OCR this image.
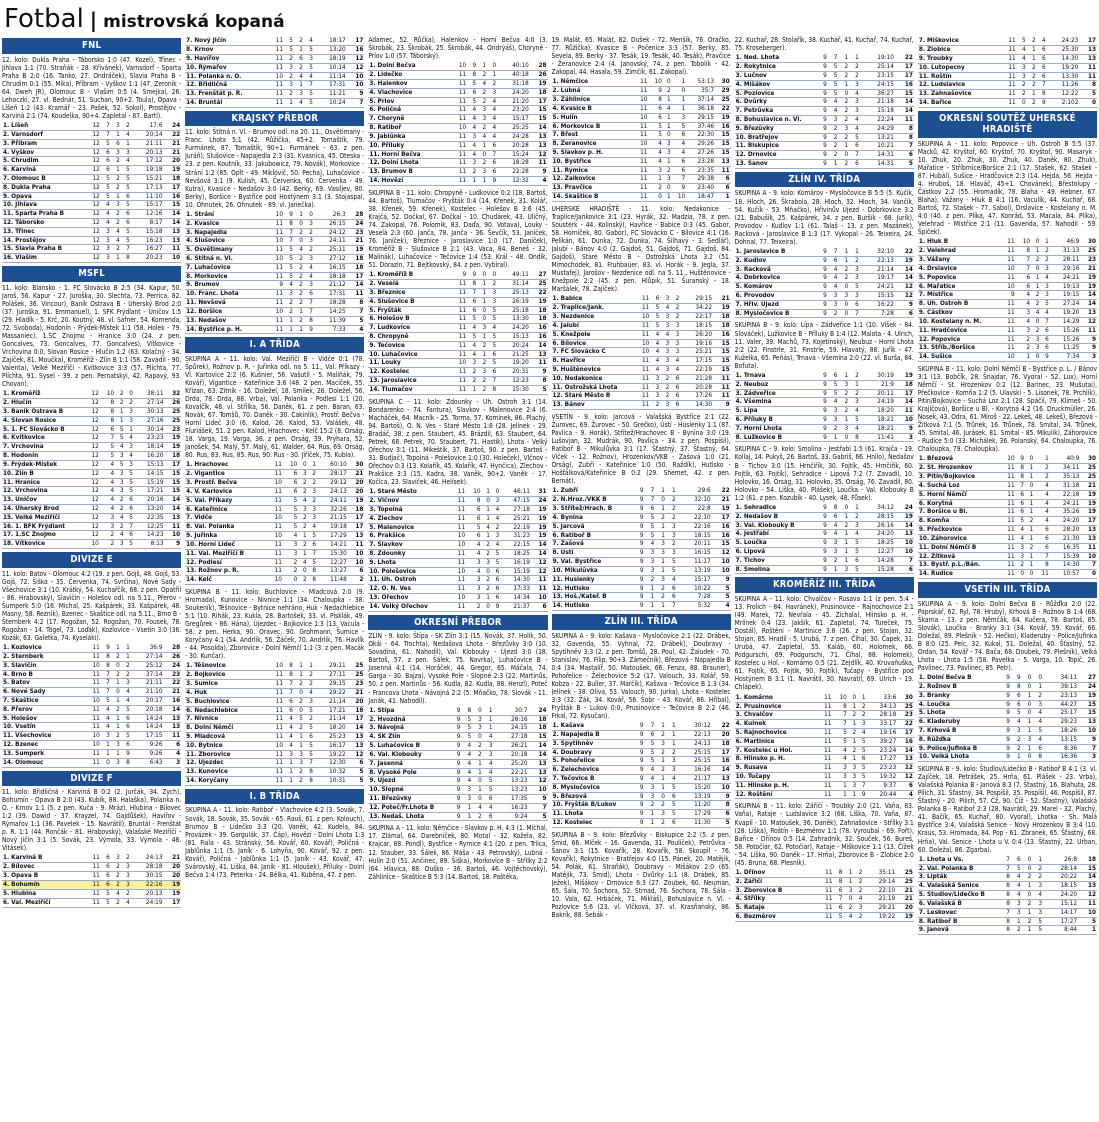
Fotbal | mistrovská kopaná
FNL
12. kolo: Dukla Praha - Táborsko 1:0 (47. Kozel), Třinec - Jihlava 1:1 (70. Straňák - 28. Křivánek), Varnsdorf - Sparta Praha B 2:0 (16. Tanko, 27. Ondráček), Slavia Praha B - Chrudim 0:1 (55. Mika), Příbram - Vyškov 1:1 (47. Zeronik - 64. Dweh JR), Olomouc B - Vlašim 0:5 (4. Smejkal, 26. Lehoczki, 27. vl. Bednár, 51. Suchan, 90+2. Toula), Opava - Líšeň 1:2 (43. Kramář - 23. Pašek, 52. Sokol), Prostějov - Karviná 2:1 (74. Koudelka, 90+4. Zapletal - 87. Bartl).
1. Líšeň	12	7	3	2	17:6	24
2. Varnsdorf	12	7	1	4	20:14	22
3. Příbram	12	5	6	1	21:11	21
4. Vyškov	12	6	3	3	20:13	21
5. Chrudim	12	6	2	4	17:12	20
6. Karviná	12	6	1	5	19:18	19
7. Olomouc B	12	5	2	5	15:21	18
8. Dukla Praha	12	5	2	5	17:13	17
9. Opava	12	5	1	6	11:10	16
10. Jihlava	12	4	3	5	15:17	15
11. Sparta Praha B	12	4	2	6	12:16	14
12. Táborsko	12	4	2	6	8:17	14
13. Třinec	12	3	4	5	15:18	13
14. Prostějov	12	3	4	5	16:23	13
15. Slavia Praha B	12	3	2	7	16:27	11
16. Vlašim	12	3	1	8	20:23	10
MSFL
11. kolo: Blansko - 1. FC Slovácko B 2:5 (34. Kapur, 50. Jaroš, 56. Kapur - 27. Juroška, 30. Slechta, 73. Perrica, 82. Polášek, 36. Vincour), Baník Ostrava B - Uherský Brod 2:0 (37. Juroška, 91. Emmanuel), 1. SFK Frýdlant - Uničov 1:5 (29. Hladík - 5. Krč, 20. Koutný, 48. vl. Safner, 54. Komenda, 72. Svoboda), Hodonín - Frýdek-Místek 1:1 (58. Holek - 79. Massaniec), 1.SC Znojmo - Hranice 3:0 (24. z pen. Goncalves, 73. Goncalves, 77. Goncalves), Vítkovice - Vrchovina 0:0, Slovan Rosice - Hlučín 1:2 (63. Kolačný - 34. Zajíček, 81. Moučka), Kroměříž - Zlín B 1:1 (58. Zavadil - 90. Valenta), Velké Meziříčí - Kvítkovice 3:3 (57. Plíchta, 77. Plíchta, 91. Sysel - 39. z pen. Pernatskyi, 42. Rapavý, 93. Chovan).
1. Kroměříž	12	10	2	0	38:11	32
2. Hlučín	12	8	2	2	27:14	26
3. Baník Ostrava B	12	8	1	3	30:13	25
4. Slovan Rosice	12	8	1	3	27:16	25
5. 1. FC Slovácko B	12	6	5	1	30:14	23
6. Kvítkovice	12	7	5	4	23:23	19
7. Vrchovina	12	5	4	3	18:14	19
8. Hodonín	12	5	3	4	16:20	18
9. Frýdek-Místek	12	4	5	3	15:13	17
10. Zlín B	12	4	3	5	14:15	15
11. Hranice	12	4	3	5	15:19	15
12. Vrchovina	12	4	3	5	17:21	15
13. Uničov	12	4	2	6	20:16	14
14. Uherský Brod	12	4	2	6	13:20	14
15. Velké Meziříčí	12	3	4	5	22:35	13
16. 1. BFK Frýdlant	12	3	2	7	12:25	11
17. 1.SC Znojmo	12	2	4	6	14:23	10
18. Vítkovice	10	2	3	5	8:13	9
DIVIZE E
11. kolo: Batov - Olomouc 4:2 (19. z pen. Gojš, 48. Gojš, 53. Gojš, 72. Šiška - 35. Červenka, 74. Svrčina), Nové Sady - Všechovice 3:1 (10. Krátký, 54. Kuchařčík, 68. z pen. Opatřil - 86. Hrabovský), Slavičín - Holešov odl. na 5.11., Přerov - Šumperk 5:0 (16. Michal, 25. Kašpárek, 33. Kašpárek, 48. Masny, 58. Rezník), Bzenec - Skaštice odl. na 5.11., Brno B - Šternberk 4:2 (17. Rogožan, 52. Rogožan, 70. Fousek, 78. Rogožan - 14. Tögel, 73. Loďák), Kozlovice - Vsetín 3:0 (36. Kozák, 63. Galetka, 74. Kyseláki).
1. Kozlovice	11	9	1	1	36:9	28
2. Šternberk	11	8	2	1	27:14	26
3. Slavičín	10	8	0	2	25:12	24
4. Brno B	11	7	2	2	37:14	23
5. Batov	11	7	1	3	21:11	22
6. Nové Sady	11	7	0	4	21:10	21
7. Skaštice	10	5	1	4	20:17	16
8. Přerov	11	4	2	5	20:18	14
9. Holešov	11	4	1	6	14:24	13
10. Vsetín	11	4	1	6	14:24	13
11. Všechovice	10	3	2	5	17:15	11
12. Bzenec	10	1	3	6	9:26	6
13. Šumperk	11	1	1	9	9:26	4
14. Olomouc	11	0	3	8	6:43	3
DIVIZE F
11. kolo: Břidličná - Karviná B 0:2 (2. Jurčák, 34. Zych), Bohumín - Opava B 2:0 (43. Kubík, 88. Halaška), Polanka n. O. - Krnov 1:1 (5. z pen. Kuča - 9. Mráz), Hlubina - Bílovec 1:2 (39. Dawid - 37. Krayzel, 74. Gajdůšek), Havířov - Rýmařov 1:1 (36. Pavelek - 15. Navrátil), Bruntál - Frenštát p. R. 1:1 (44. Rončák - 81. Hrabovský), Valašské Meziříčí - Nový Jičín 3:1 (5. Sovák, 23. Výmola, 33. Výmola - 48. Vitásek).
1. Karviná B	11	6	3	2	24:13	21
2. Bílovec	11	6	2	3	28:18	20
3. Opava B	11	6	2	3	30:15	20
4. Bohumín	11	6	2	3	22:16	19
5. Hlubina	11	5	4	2	20:13	19
6. Val. Meziříčí	11	5	2	4	24:19	17
7. Nový Jičín	11	5	2	4	18:17	17
8. Krnov	11	5	1	5	13:20	16
9. Havířov	11	2	6	3	18:19	12
10. Rýmařov	11	3	2	5	10:14	12
11. Polanka n. O.	10	2	4	4	11:14	10
12. Břidličná	11	3	1	7	17:31	10
13. Frenštát p. R.	11	2	3	5	11:21	9
14. Bruntál	11	1	4	5	10:24	7
KRAJSKÝ PŘEBOR
11. kolo: Štítná n. Vl. - Brumov odl. na 20. 11., Osvětimany - Franc. Lhota 5:1 (42. Růžička, 45+2. Tomaštík, 79. Furmánek, 87. Tomaštík, 90+1. Furmánek - 63. z pen. Juráň), Slušovice - Napajedla 2:3 (31. Kvasnica, 45. Oteska - 23. z pen. Koutník, 33. Jakubowicz, 79. Novák), Morkovice - Strání 1:2 (85. Oplt - 49. Miklovič, 50. Pecha), Luhačovice - Nevšová 3:1 (9. Kulish, 45. Červenka, 60. Červenka - 49. Kutra), Kvasice - Nedašov 3:0 (42. Berky, 69. Vasiljev, 80. Berky), Boršice - Bystřice pod Hostýnem 3:1 (3. Stojaspal, 10. Ohnutek, 26. Ohnutek - 89. vl. Janečka).
1. Strání	10	9	1	0	26:3	28
2. Kvasice	11	8	0	3	26:15	24
3. Napajedla	11	7	2	2	24:12	23
4. Slušovice	10	7	0	3	24:11	21
5. Osvětimany	11	5	4	2	25:11	19
6. Štítná n. Vl.	10	5	2	3	27:12	18
7. Luhačovice	11	5	2	4	16:15	18
8. Morkovice	11	5	2	4	18:18	17
9. Brumov	9	4	2	3	21:12	14
10. Franc. Lhota	11	3	2	6	17:31	11
11. Nevšová	11	2	2	7	18:28	8
12. Boršice	10	2	1	7	14:25	7
13. Nedašov	11	1	2	8	11:39	5
14. Bystřice p. H.	11	1	1	9	7:33	4
I. A TŘÍDA
SKUPINA A - 11. kolo: Val. Meziříčí B - Vidče 0:1 (78. Špůrek), Rožnov p. R. - Juřinka odl. na 5. 11., Val. Příkazy - Vl. Kartovice 2:2 (6. Kušnier, 56. Vašutil - 5. Maliňák, 79. Kovář), Vigantice - Kateřinice 3:6 (48. 2 pen. Macíček, 55. Křizan, 63. Zitník - 16. Doležel, 18. Smilek, 26. Doležel, 56. Drda, 78. Drda, 88. Vrba), Val. Polanka - Podlesí 1:1 (20. Kovalčík, 48. vl. Střílka, 56. Daněk, 61. z pen. Baran, 63. Novák, 67. Tomšů, 70. Daněk - 30. Cakinlik), Prostř. Bečva - Horní Lideč 3:0 (6. Kalod, 26. Kalod, 53. Valášek, 48. Fluriášek, 51. 2 pen. Kalod, Hrachovec - Kelč 15:2 (8. Orság, 18. Varga, 19. Varga, 36. z pen. Orság, 39. Pryhara, 52. Janošek, 54. Malý, 57. Malý, 61. Walder, 64. Rus, 69. Orság, 80. Rus, 83. Rus, 85. Rus, 90. Rus - 30. Jiříček, 75. Kubla).
1. Hrachovec	11	10	0	1	60:10	30
2. Vigantice	11	6	3	2	28:17	21
3. Prostř. Bečva	10	6	2	2	29:12	20
4. V. Karlovice	11	6	2	3	24:13	20
5. Val. Příkazy	11	5	4	2	24:11	19
6. Kateřinice	11	5	3	3	32:26	18
7. Vidče	10	5	2	3	21:15	17
8. Val. Polanka	11	5	2	4	19:18	17
9. Juřinka	10	4	1	5	17:29	13
10. Horní Lideč	11	3	2	6	14:21	11
11. Val. Meziříčí B	11	3	1	7	15:30	10
12. Podlesí	11	2	4	5	12:27	10
13. Rožnov p. R.	11	2	0	8	13:27	6
14. Kelč	10	0	2	8	11:48	2
SKUPINA B - 11. kolo: Buchlovice - Mladcová 2:0 (9. Hromada), Kunovice - Nivnice 1:1 (34. Chaloupka - 38. Soukeník), Těšnovice - Bytnice nehráno, Huk - Nedachlebice 5:1 (10. Rihák, 23. Kukla, 28. Bartošek, 33. vl. Pisklák, 49. Gregůrek - 86. Hána), Újezdec - Bojkovice 1:3 (13. Vacula - 58. z pen. Herka, 90. Oravec, 90. Grohmann, Šumice - Koryčany 4:1 (54. Andrlík, 56. Žáček, 70. Andrlík, 76. Havlík - 44. Posolda), Zborovice - Dolní Němčí 1:1 (3. z pen. Macák - 30. Kunčar).
1. Těšnovice	10	8	1	1	29:11	25
2. Bojkovice	11	8	1	2	27:11	25
3. Šumice	11	7	2	2	29:15	23
4. Huk	11	7	0	4	29:22	21
5. Buchlovice	11	6	2	3	21:14	20
6. Nedachlebice	11	6	0	5	17:21	18
7. Nivnice	11	4	5	2	21:14	17
8. Dolní Němčí	11	4	2	5	18:20	14
9. Mladcová	11	4	1	6	25:23	13
10. Bytnice	10	4	1	5	16:17	13
11. Zborovice	11	3	3	5	19:22	12
12. Újezdec	11	1	3	7	12:30	6
13. Kunovice	11	1	2	8	10:32	5
14. Koryčany	11	1	2	8	10:31	5
I. B TŘÍDA
SKUPINA A - 11. kolo: Ratiboř - Vlachovice 4:2 (3. Sovák, 7. Sovák, 18. Sovák, 35. Sovák - 65. Rauš, 61. z pen. Kolouch), Brumov B - Lidečko 3:3 (20. Vaněk, 42. Kudela, 84. Provázek - 39. Gargulák, 37. Čáp), Hovězí - Dolní Lhota 1:3 (81. Fiala - 43. Stránský, 56. Kovář, 60. Kovář), Poličná - Jablůnka 1:1 (5. Janík - 6. Lohyňa, 90. Kovář, 92. z pen. Kovář), Poličná - Jablůnka 1:1 (5. Janík - 43. Kovář, 47. Svárovský, 41. Liška, 84. Janík - 81. Hloušek), Příluky - Dolní Bečva 1:4 (73. Peterka - 24. Bělka, 41. Kuběna, 47. z pen.
Adamec, 52. Růčka), Halenkov - Horní Bečva 4:0 (3. Škrobák, 23. Škrobák, 25. Škrobák, 44. Ondrýáš), Choryně - Prlov 1:0 (57. Táborský).
1. Dolní Bečva	10	9	1	0	40:10	28
2. Lidečko	11	8	2	1	40:18	26
3. Halenkov	11	5	4	2	31:18	19
4. Vlachovice	11	6	2	3	24:20	18
5. Prlov	11	5	2	4	21:20	17
6. Poličná	11	4	3	4	23:20	15
7. Choryně	11	4	3	4	15:17	15
8. Ratiboř	10	4	2	4	25:25	14
9. Jablůnka	11	3	4	4	24:28	13
10. Příluky	11	4	1	6	20:28	13
11. Horní Bečva	11	4	0	7	15:24	12
12. Dolní Lhota	11	3	2	6	18:28	11
13. Brumov B	11	2	3	6	22:28	9
14. Hovězí	11	1	1	9	12:32	4
SKUPINA B - 11. kolo: Chropyně - Ludkovice 0:2 (18. Bartoš, 44. Bartoš), Tlumačov - Fryšták 0:4 (14. Křenek, 31. Kolář, 38. Křenek, 59. Křenek), Kostelec - Holešov B 3:6 (45. Krajča, 52. Dočkal, 67. Dočkal - 10. Chudárek, 43. Uličný, 74. Zakopal, 76. Polomík, 83. Daďa, 90. Votava), Louky - Veselá 2:3 (60. Janča, 78. Janča - 36. Ševčík, 53. Janíček, 76. Janíček), Březnice - Jaroslavice 1:0 (17. Daníček), Kroměříž B - Slušovice B 2:1 (43. Vaca, 84. Beneš - 32. Malinák), Luhačovice - Tečovice 1:4 (53. Král - 48. Ondík, 51. Dorazin, 71. Bejtkovský, 84. z pen. Vybíral).
1. Kroměříž B	9	9	0	0	49:11	27
2. Veselá	11	8	1	2	31:14	25
3. Březnice	11	7	1	3	25:13	22
4. Slušovice B	11	6	1	3	26:19	19
5. Fryšták	11	6	0	5	25:18	18
6. Holešov B	11	5	0	5	13:30	18
7. Ludkovice	11	4	3	4	24:20	16
8. Chropyně	11	5	1	5	15:13	16
9. Tečovice	11	4	2	5	20:24	14
10. Luhačovice	11	4	1	6	21:25	13
11. Louky	10	3	2	5	19:20	11
12. Kostelec	11	2	3	6	20:31	9
13. Jaroslavice	11	2	2	7	12:23	8
14. Tlumačov	11	1	2	8	15:30	5
SKUPINA C - 11. kolo: Zdounky - Uh. Ostroh 3:1 (14. Bondarenko - 74. Fantura), Slavkov - Malenovice 2:4 (6. Macháček, 64. Macník - 25. Torma, 57. Komínek, 86. Plachý, 94. Bartoš), O. N. Ves - Staré Město 1:8 (28. Jelínek - 29. Bradáč, 38. z pen. Staubert, 45. Brázdil, 63. Staubert, 64. Petrek, 68. Petrek, 70. Staubert, 71. Hastík), Lhota - Velký Ořechov 3:1 (11. Mikeštík, 37. Bartoš, 90. z pen. Bartoš - 31. Budjač), Topolná - Polešovice 1:0 (30. Holeček), Vlčnov - Ořechov 0:3 (13. Kolařík, 45. Kolařík, 47. Hynčica), Zlechov - Prakšice 3:3 (15. Kadra, 38. Vaněk, 90+2. Vaněk - 17. Kočica, 23. Slavíček, 46. Helísek).
1. Staré Město	11	10	1	0	46:11	31
2. Vlčnov	11	8	0	3	47:15	24
3. Topolná	11	6	1	4	27:18	19
4. Zlechov	11	6	1	4	25:21	19
5. Malenovice	11	5	4	2	22:19	19
6. Prakšice	10	6	1	3	31:23	19
7. Slavkov	10	4	2	4	22:15	14
8. Zdounky	11	4	2	5	18:25	14
9. Lhota	11	3	3	5	16:19	12
10. Polešovice	10	4	0	6	15:19	12
11. Uh. Ostroh	11	3	2	6	14:30	11
12. O. N. Ves	11	3	2	6	17:33	11
13. Ořechov	10	3	1	6	14:34	10
14. Velký Ořechov	11	2	0	9	21:37	6
OKRESNÍ PŘEBOR
ZLÍN - 9. kolo: Štípa - SK Zlín 3:1 (15. Novák, 37. Holík, 50. Okál - 64. Trochta), Nedašova Lhota - Březůvky 3:0 (10. Sovadina, 61. Nahodil), Val. Klobouky - Újezd 3:0 (18. Bartoš, 57. z pen. Šálek, 75. Navrka), Luhačovice B - Jasenná 4:1 (14. Horáček, 44. Gregor, 65. Máčala, 74. Garga - 30. Bajza), Vysoké Pole - Slopné 2:3 (22. Martinůs, 50. z pen. Martinůs - 56. Kudla, 82. Kudla, 88. Henzl), Poteč - Francova Lhota - Návojná 2:2 (5. Mňačko, 78. Slovák - 11. Janák, 41. Nahodil).
1. Štípa	9	8	0	1	30:7	24
2. Hvozdná	9	5	3	1	28:16	18
3. Návojná	9	5	3	1	24:15	18
4. SK Zlín	9	5	0	4	27:18	15
5. Luhačovice B	9	4	2	3	26:21	14
6. Val. Klobouky	9	4	2	3	20:18	14
7. Jasenná	9	4	1	4	25:20	13
8. Vysoké Pole	9	4	1	4	22:21	13
9. Újezd	9	4	0	5	13:23	12
10. Slopné	9	3	1	5	13:23	10
11. Březůvky	9	3	0	6	17:35	9
12. Poteč/Fr.Lhota B	9	1	4	4	16:23	7
13. Nedaš. Lhota	9	1	2	6	9:24	5
SKUPINA A - 11. kolo: Němčice - Slavkov p. H. 4:3 (1. Michal, 17. Zlámal, 64. Darebníček, 80. Motal - 32. Kožela, 82. Krajcar, 88. Pondl), Bystřice - Rymice 4:1 (20. z pen. Trlica, 12. Stauber, 33. Šálek, 86. Máša - 43. Petrovský), Lubná - Hulín 2:0 (51. Ančinec, 89. Šiška), Morkovice B - Střílky 2:2 (64. Hlavica, 88. Ouško - 36. Bartoš, 46. Vojtěchovský), Záhlinice - Skaštice B 5:3 (14. Bartoš, 18. Paštéka,
19. Malát, 65. Malát, 82. Dušek - 72. Menšík, 76. Oračko, 77. Růžička), Kvasice B - Počenice 3:3 (57. Berky, 85. Ševela, 89. Berky - 37. Tesák, 19. Tesák, 40. Tesák), Pravčice - Žeranovice 2:4 (4. Janovský, 74. z pen. Tobolík - 42. Zakopal, 44. Hasala, 59. Zimčík, 61. Zakopal).
1. Němčice	11	10	0	1	53:13	30
2. Lubná	11	9	2	0	35:7	29
3. Záhlinice	10	8	1	1	37:14	25
4. Kvasice B	11	6	4	1	36:18	22
5. Hulín	10	6	1	3	29:15	19
6. Morkovice B	11	5	1	5	37:46	16
7. Břest	11	5	0	6	22:30	15
8. Žeranovice	10	4	3	4	29:26	15
9. Slavkov p. H.	11	4	3	4	27:26	15
10. Bystřice	11	4	1	6	23:28	13
11. Rymice	11	3	2	6	23:35	11
12. Žalkovice	11	1	3	7	29:38	6
13. Pravčice	11	2	0	9	23:40	6
14. Skaštice B	11	0	1	10	18:47	1
UHERSKÉ HRADIŠTĚ - 11. kolo: Nedakonice - Traplice/Jankovice 3:1 (23. Hyrák, 32. Madzia, 78. z pen. Sousterk - 44. Kolinský), Havřice - Babice 0:3 (45. Gabor, 58. Horníček, 80. Gabor), FC Slovácko C - Bílovice 4:1 (16. Pelikán, 61. Dunka, 72. Dunka, 74. Šilhavý - 3. Sedlář), Jalubí - Bánov 4:0 (2. Gajdoš, 51. Gajdoš, 71. Gajdoš, 84. Gajdoš), Staré Město B - Ostrožská Lhota 3:2 (51. Mimochodek, 81. Fruhbauer, 83. vl. Horák - 9. Jegla, 37. Mustafej), Jarošov - Nezdenice odl. na 5. 11., Huštěnovice - Knežpole 2:2 (45. z pen. Hlůpik, 51. Šuranský - 18. Maršálek, 78. Zajíček).
1. Babice	11	6	3	2	29:15	21
2. Traplice/Jank.	11	5	4	2	34:22	19
3. Nezdenice	10	5	3	2	22:17	18
4. Jalubí	11	5	3	3	18:15	18
5. Knežpole	11	4	4	3	26:20	16
6. Bílovice	10	4	3	3	19:16	15
7. FC Slovácko C	10	4	3	3	25:21	15
8. Havřice	11	4	3	4	17:15	15
9. Huštěnovice	11	4	3	4	22:19	15
10. Nedakonice	11	3	2	6	21:28	11
11. Ostrožská Lhota	11	3	2	6	20:28	11
12. Staré Město B	11	3	2	6	17:26	11
13. Bánov	11	2	3	6	14:30	9
VSETÍN - 9. kolo: Jarcová - Valašská Bystřice 2:1 (22. Žurovec, 69. Žurovec - 50. Grečko), Ústí - Huslenky 1:1 (87. Pavlica - 9. Horák), Střítež/Hrachovec B - Bynina 3:0 (19. Lušovjan, 32. Mudrák, 90. Pavlica - 34. z pen. Pospíšil), Ratiboř B - Mikulůvka 3:1 (17. Šťastný, 37. Šťastný, 64. Vlček - 12. Rožnov), Hrozenkov/VKB - Zašová 1:0 (21. Orság), Zubří - Kateřinice 1:0 (50. Raždík), Hutisko - Hošťálková/Kateřinice B 0:2 (29. Shemet, 42. z pen. Bernát).
1. Zubří	9	7	1	1	29:6	22
2. N.Hroz./VKK B	9	7	0	2	32:10	21
3. Střítež/Hrach. B	9	6	1	2	22:8	19
4. Bynina	9	5	2	2	22:10	17
5. Jarcová	9	5	1	3	22:16	16
6. Ratiboř B	9	5	1	3	18:15	16
7. Zašová	9	4	3	2	20:11	15
8. Ústí	9	3	3	3	16:15	12
9. Val. Bystřice	9	3	1	5	11:17	10
10. Mikulůvka	9	3	1	5	13:19	10
11. Huslenky	9	2	3	4	15:17	9
12. Hutisko	9	1	2	6	10:22	5
13. Hoš./Kateř. B	9	1	2	6	7:28	5
14. Hutisko	9	1	1	7	5:32	4
ZLÍN III. TŘÍDA
SKUPINA A - 9. kolo: Kašava - Mysločovice 2:1 (22. Drábek, 32. Gavenda, 55. Vyhnal, 72. Drábek), Doubravy - Spytihněv 3:3 (2. z pen. Tomšů, 28. Poul, 42. Žaludek - 70. Stanislav, 76. Filip, 90+3. Zámečník), Březová - Napajedla B 0:4 (34. Mastalíř, 50. Matoušek, 66. Fenza, 88. Brauner), Pohořelice - Želechovice 5:2 (17. Valouch, 33. Kolář, 59. Kobza - 22. Buller, 37. Marčík), Kašava - Tečovice B 1:3 (34. Jelínek - 38. Oliva, 53. Valouch, 90. Jurka), Lhota - Kostelec 3:3 (32. Žák, 34. Kovář, 56. Šobr - 43. Kovář, 86. Hříbal), Fryšták B - Lukov 0:0, Prusinovice - Tečovice B 2:2 (46. Frkal, 72. Kysučan).
1. Kašava	9	7	1	1	30:12	22
2. Napajedla B	9	6	2	1	22:13	20
3. Spytihněv	9	5	3	1	24:13	18
4. Doubravy	9	5	2	2	25:15	17
5. Pohořelice	9	5	1	3	25:15	16
6. Želechovice	9	4	2	3	16:16	14
7. Tečovice B	9	4	1	4	21:17	13
8. Mysločovice	9	3	1	5	15:20	10
9. Březová	9	3	0	6	13:19	9
10. Fryšták B/Lukov	9	2	2	5	11:20	8
11. Lhota	9	1	3	5	17:29	6
12. Kostelec	9	1	2	6	11:30	5
SKUPINA B - 9. kolo: Březůvky - Biskupice 2:2 (5. z pen. Šmid, 66. Mlček - 16. Gavenda, 31. Poulíček), Petrůvka - Šanov 3:1 (15. Kovařík, 28. Kovařík, 58. Skoupil - 76. Kovařík), Rokytnice - Bratřejov 4:0 (15. Pánek, 20. Matějík, 54. Polák, 61. Straňák), Doubravy - Mišákov 2:0 (65. Matějík, 73. Šmid), Lhota - Dvůrky 1:1 (8. Drábek, 85. Ježek), Mišákov - Drnovice 6:3 (27. Zoubek, 60. Neuman, 65. Šála, 70. Šochora, 52. Strnad, 76. Šochora, 78. Šála - 10. Vala, 62. Hrbáček, 71. Mikláš), Bohuslavice n. Vl. - Pozlovice 5:6 (23. vl. Vlčková, 37. vl. Krasňanský, 86. Bakrík, 88. Šebák -
22. Kuchař, 28. Štolařík, 38. Kuchař, 41. Kuchař, 74. Kuchař, 75. Kroseberger).
1. Ned. Lhota	9	7	1	1	19:10	22
2. Rokytnice	9	5	2	2	25:14	17
3. Lučnov	9	5	2	2	23:15	17
4. Mišákov	9	5	1	3	24:15	16
5. Pozlovice	9	5	0	4	36:27	15
6. Dvůrky	9	4	2	3	21:18	14
7. Petrůvka	9	4	2	3	15:18	14
8. Bohuslavice n. Vl.	9	3	2	4	22:24	11
9. Březůvky	9	2	3	4	24:29	8
10. Bratřejov	9	2	2	5	13:21	8
11. Biskupice	9	2	1	6	10:21	7
12. Drnovice	9	2	0	7	14:31	6
13. Šanov	9	1	2	6	14:31	5
ZLÍN IV. TŘÍDA
SKUPINA A - 9. kolo: Komárov - Mysločovice B 5:5 (5. Kučík, 18. Hloch, 26. Škrabola, 28. Hloch, 32. Hloch, 34. Vančík, 54. Kučík - 53. Mňačko), Hřivínův Újezd - Dobrkovice 3:2 (21. Babušík, 25. Kašpárek, 34. z pen. Buršík - 68. Jurík), Provodov - Kudlov 1:1 (61. Talaš - 13. z pen. Mazánek), Racková - Jaroslavice B 1:3 (17. Vykopal - 26. Teixeira, 24. Dohnal, 77. Teixeira).
1. Jaroslavice B	9	7	1	1	32:10	22
2. Kudlov	9	6	1	2	22:13	19
3. Racková	9	4	2	3	21:14	14
4. Dobrkovice	9	4	2	3	19:17	14
5. Komárov	9	4	0	5	24:21	12
6. Provodov	9	3	3	3	15:15	12
7. Hřiv. Újezd	9	3	0	6	16:22	9
8. Mysločovice B	9	2	0	7	7:28	6
SKUPINA B - 9. kolo: Lípa - Zádveřice 1:1 (10. Víšek - 84. Slováček), Lužkovice B - Příluky B 1:4 (12. Malota - 4. Ulrich, 11. Valer, 39. Machů, 73. Kojetínský), Neubuz - Horní Lhota 2:2 (22. Finstrle, 31. Finstrle, 59. Hlavatý, 88. Juřík - 47. Kuželka, 65. Peňás), Trnava - Všemina 2:0 (22. vl. Burša, 84. Bofuta).
1. Trnava	9	6	1	2	30:19	19
2. Neubuz	9	5	3	1	21:9	18
3. Zádveřice	9	5	2	2	20:11	17
4. Všemina	9	4	2	3	24:19	14
5. Lípa	9	3	2	4	18:20	11
6. Příluky B	9	3	1	5	18:21	10
7. Horní Lhota	9	2	3	4	18:21	9
8. Lužkovice B	9	1	0	8	11:41	3
SKUPINA C - 9. kolo: Smolina - Jestřabí 1:5 (61. Krajča - 19. Kollaj, 14. Pukyš, 26. Bartoš, 33. Gabriš, 66. Hnilo), Nedašov B - Tichov 3:0 (15. Hrnčiřík, 30. Fojtík, 45. Hrnčiřík, 60. Fojtík, 63. Fojtík), Sehradice - Lipová 7:2 (7. Zavadil, 10. Holovko, 16. Orság, 31. Holovko, 35. Orság, 76. Zavadil, 80. Holovko - 54. Liška, 40. Plášek), Loučka - Val. Klobouky B 1:2 (61. z pen. Kozubík - 40. Lysek, 48. Fůsek).
1. Sehradice	9	8	0	1	34:12	24
2. Nedašov B	9	6	1	2	28:15	19
3. Val. Klobouky B	9	4	2	3	26:16	14
4. Jestřabí	9	4	1	4	24:20	13
5. Loučka	9	3	1	5	18:25	10
6. Lipová	9	3	1	5	12:27	10
7. Tichov	9	2	1	6	14:28	7
8. Smolina	9	1	3	5	15:28	6
KROMĚŘÍŽ III. TŘÍDA
SKUPINA A - 11. kolo: Chvalčov - Rusava 1:1 (z pen. 5:4 - 13. Frolich - 84. Havránek), Prusinovice - Rajnochovice 2:1 (49. Marek, 72. Nevřala - 45. Zichala), Hlinsko p. H. - Mrlínek 0:4 (23. Jakšík, 61. Zapletal, 74. Tureček, 75. Dostál), Roštění - Martinice 3:8 (26. z pen. Stojan, 32. Stojan, 85. Hradil - 5. Urubá, 7. z pen. Číhal, 30. Čapek, 31. Urubá, 47. Zapletal, 55. Kaláb, 60. Holomek, 66. Podgurschi, 69. Podgurschi, 71. Číhal, 88. Holomek), Kostelec u Hol. - Komárno 0:5 (21. Zejdlík, 40. Kruvaňuška, 61. Fojtík, 65. Fojtík, 90. Fojtík), Tučapy - Bystřice pod Hostýnem B 3:1 (1. Navrátil, 30. Navrátil, 69. Ulrich - 19. Chlápek).
1. Komárno	11	10	0	1	33:6	30
2. Prusinovice	11	8	1	2	34:13	25
3. Chvalčov	11	7	2	2	28:18	23
4. Kuinek	11	7	1	3	33:17	22
5. Rajnochovice	11	5	2	4	19:16	17
6. Martinice	11	5	1	5	39:27	16
7. Kostelec u Hol.	11	4	2	5	23:24	14
8. Hlinsko p. H.	11	4	1	6	17:27	13
9. Rusava	11	3	3	5	23:23	12
10. Tučapy	11	3	3	5	19:32	12
11. Hlinsko p. H.	11	1	3	7	9:37	6
12. Roštění	11	1	1	9	20:44	4
SKUPINA B - 11. kolo: Zářičí - Troubky 2:0 (21. Vaňa, 83. Vaňa), Rataje - Ludslavice 3:2 (68. Líška, 70. Vaňa, 87. Kvapil - 10. Matoušek, 36. Daněk), Zahnašovice - Střílky 3:1 (28. Líška), Roštín - Bezměrov 1:1 (78. Vyroubal - 69. Fořt), Bařice - Dřínov 0:5 (14. Zahradník, 32. Souček, 56. Bureš, 58. Potočiar, 62. Potočiar), Rataje - Miškovice 1:1 (13. Čížek - 54. Líška, 90. Daněk - 17. Hrňa), Zborovice B - Zlobice 2:0 (45. Bruna, 68. Plesník).
1. Dřínov	11	8	1	2	35:11	25
2. Zářičí	11	8	1	2	29:14	25
3. Zborovice B	11	6	3	2	22:10	21
4. Střílky	11	7	0	4	21:19	21
5. Rataje	11	6	2	3	29:21	20
6. Bezměrov	11	5	4	2	19:22	19
7. Miškovice	11	5	2	4	24:23	17
8. Zlobice	11	4	1	6	25:30	13
9. Troubky	11	4	1	6	14:30	13
10. Lutopecny	11	3	2	6	19:20	11
11. Roštín	11	3	2	6	13:30	11
12. Ludslavice	11	2	2	7	11:26	8
13. Zahnašovice	11	2	1	8	12:22	5
14. Bařice	11	0	2	9	2:102	0
OKRESNÍ SOUTĚŽ UHERSKÉ HRADIŠTĚ
SKUPINA A - 11. kolo: Popovice - Uh. Ostroh B 5:5 (37. Macků, 42. Kryštof, 60. Kryštof, 70. Kryštof, 90. Masaryk - 10. Zhuk, 20. Zhuk, 30. Zhuk, 40. Daněk, 80. Zhuk), Mařatice - Stříbrnice/Boršice 2:1 (17. Stašek, 62. Stašek - 87. Hubál), Sušice - Hradčovice 2:3 (14. Hejda, 56. Hejda - 4. Hruboš, 18. Hlaváč, 45+1. Chovánek), Břestolupy - Částkov 2:2 (55. Hromadík, 78. Blaha - 49. Hebner, 67. Blaha), Vážany - Hluk B 4:1 (16. Vaculík, 44. Kuchař, 68. Bartoš, 72. Stašek - 77. Sabol), Drslavice - Kostelany n. M. 4:0 (40. z pen. Plíka, 47. Konrád, 53. Macala, 84. Plíka), Velehrad - Místřice 2:1 (11. Gavenda, 57. Nahodil - 59. Špiček).
1. Hluk B	11	10	0	1	46:9	30
2. Velehrad	11	8	1	2	31:13	25
3. Vážany	11	7	2	2	28:11	23
4. Drslavice	10	7	0	3	29:16	21
5. Popovice	11	6	1	4	24:21	19
6. Mařatice	10	6	1	3	19:13	19
7. Místřice	9	4	2	3	19:15	14
8. Uh. Ostroh B	11	4	2	5	27:24	14
9. Částkov	11	3	4	4	19:20	13
10. Kostelany n. M.	11	4	0	7	14:29	12
11. Hradčovice	11	3	2	6	15:26	11
12. Popovice	11	2	3	6	15:26	9
13. Stříb./Boršice	11	2	3	6	11:25	9
14. Sušice	10	1	0	9	7:34	3
SKUPINA B - 11. kolo: Dolní Němčí B - Bystřice p. L. / Bánov 3:1 (13. Bobčík, 28. Šnajdar, 76. Vyoral - 52. Lux), Horní Němčí - St. Hrozenkov 0:2 (12. Barinec, 33. Mušutai), Přečkovice - Komňa 1:2 (5. Ulavski - 5. Lisonek, 78. Prchlík), Pitín/Bojkovice - Suchá Loz 2:1 (28. Spáčil, 79. Klimeš - 50. Krajíčová), Boršice u Bl. - Korytná 4:2 (16. Druckmüller, 26. Nosek, 43. Odra, 61. Míroš - 22. Lekeš, 48. Lekeš), Březová - Žítková 7:1 (5. Trůnek, 16. Trůnek, 78. Smital, 34. Trůnek, 45. Smital, 46. Jurásek, 81. Smital - 85. Mikulík), Záhorovice - Rudice 5:0 (33. Michálek, 36. Polanský, 64. Chaloupka, 76. Chaloupka, 79. Chaloupka).
1. Březová	10	9	0	1	40:9	30
2. St. Hrozenkov	11	8	1	2	34:11	25
3. Pitín/Bojkovice	11	8	1	2	35:13	25
4. Suchá Loz	11	7	0	4	31:18	21
5. Horní Němčí	11	6	1	4	22:18	19
6. Korytná	11	6	1	4	24:21	19
7. Boršice u Bl.	11	6	1	4	35:26	19
8. Komňa	11	5	2	4	24:20	17
9. Přečkovice	11	4	1	6	28:20	13
10. Záhorovice	11	4	1	6	21:30	13
11. Dolní Němčí B	11	3	2	6	16:35	11
12. Žítková	11	3	1	7	15:39	10
13. Bystř. p.L./Bán.	11	2	1	8	14:30	7
14. Rudice	11	0	0	11	10:57	0
VSETÍN III. TŘÍDA
SKUPINA A - 9. kolo: Dolní Bečva B - Růžďka 2:0 (22. Paprskář, 62. Ryl, 78. Hruby), Krhová B - Rožnov B 1:4 (68. Škarna - 13. z pen. Němčák, 64. Kučera, 78. Bartoš, 85. Slovák), Loučka - Branky 3:1 (34. Kovář, 59. Kovář, 66. Doležal, 89. Plešník - 52. Hečko), Kladeruby - Police/Jufinka B 8:0 (25. Pelc, 32. Kukal, 51. Doležal, 40. Šťastný, 52. Ordan, 54. Kovář - 74. Bača, 68. Doubek, 79. Plešník), Velká Lhota - Lhota 1:5 (58. Pavelka - 5. Varga, 10. Topič, 26. Pavlinec, 73. Pavlinec, 85. Petr).
1. Dolní Bečva B	9	9	0	0	34:11	27
2. Rožnov B	9	8	0	1	39:13	24
3. Branky	9	6	1	2	23:13	19
4. Loučka	9	6	0	3	44:27	15
5. Lhota	9	5	0	4	25:17	15
6. Kladeruby	9	4	1	4	29:23	13
7. Krhová B	9	3	1	5	18:26	10
8. Růžďka	9	2	3	4	13:15	9
9. Police/Jufinka B	9	2	1	6	8:36	7
10. Velká Lhota	9	1	0	8	16:36	3
SKUPINA B - 9. kolo: Študlov/Lidečko B - Ratiboř B 4:1 (3. vl. Zajíček, 18. Petrášek, 25. Hrňa, 61. Plášek - 23. Vrba), Valašská Polanka B - Janová 8:3 (7. Šťastný, 16. Blahuta, 28. Pilich, 31. Šťastný, 34. Pospíšil, 35. Pospíšil, 46. Pospíšil, 87. Šťastný - 20. Pilich, 57. Čž, 90. Číž - 52. Šťastný), Valašská Polanka B - Ratiboř 2:3 (28. Navrátil, 29. Marel - 32. Plachý, 41. Bačík, 65. Kuchař, 80. Vyoral), Lhotka - Sh. Malá Bystřice 3:4, Valašská Senice - Nový Hrozenkov B 3:4 (10. Kraus, 53. Hromada, 84. Pop - 61. Zbranek, 65. Šťastný, 68. Hrňa), Val. Senice - Lhota u V. 0:4 (13. Šťastný, 22. Urban, 60. Doležal, 86. Zgarba).
1. Lhota u Vs.	7	6	0	1	26:8	18
2. Val. Polanka B	7	5	0	2	28:14	15
3. Lipták	8	4	2	2	20:22	14
4. Valašská Senice	8	4	1	3	18:15	13
5. Študlov/Lidečko B	8	4	0	4	24:20	12
6. Valašská B	8	3	2	3	15:12	11
7. Leskovec	7	3	1	3	14:17	10
8. Ratiboř B	8	1	2	5	17:27	5
9. Janová	8	2	1	5	8:44	1
